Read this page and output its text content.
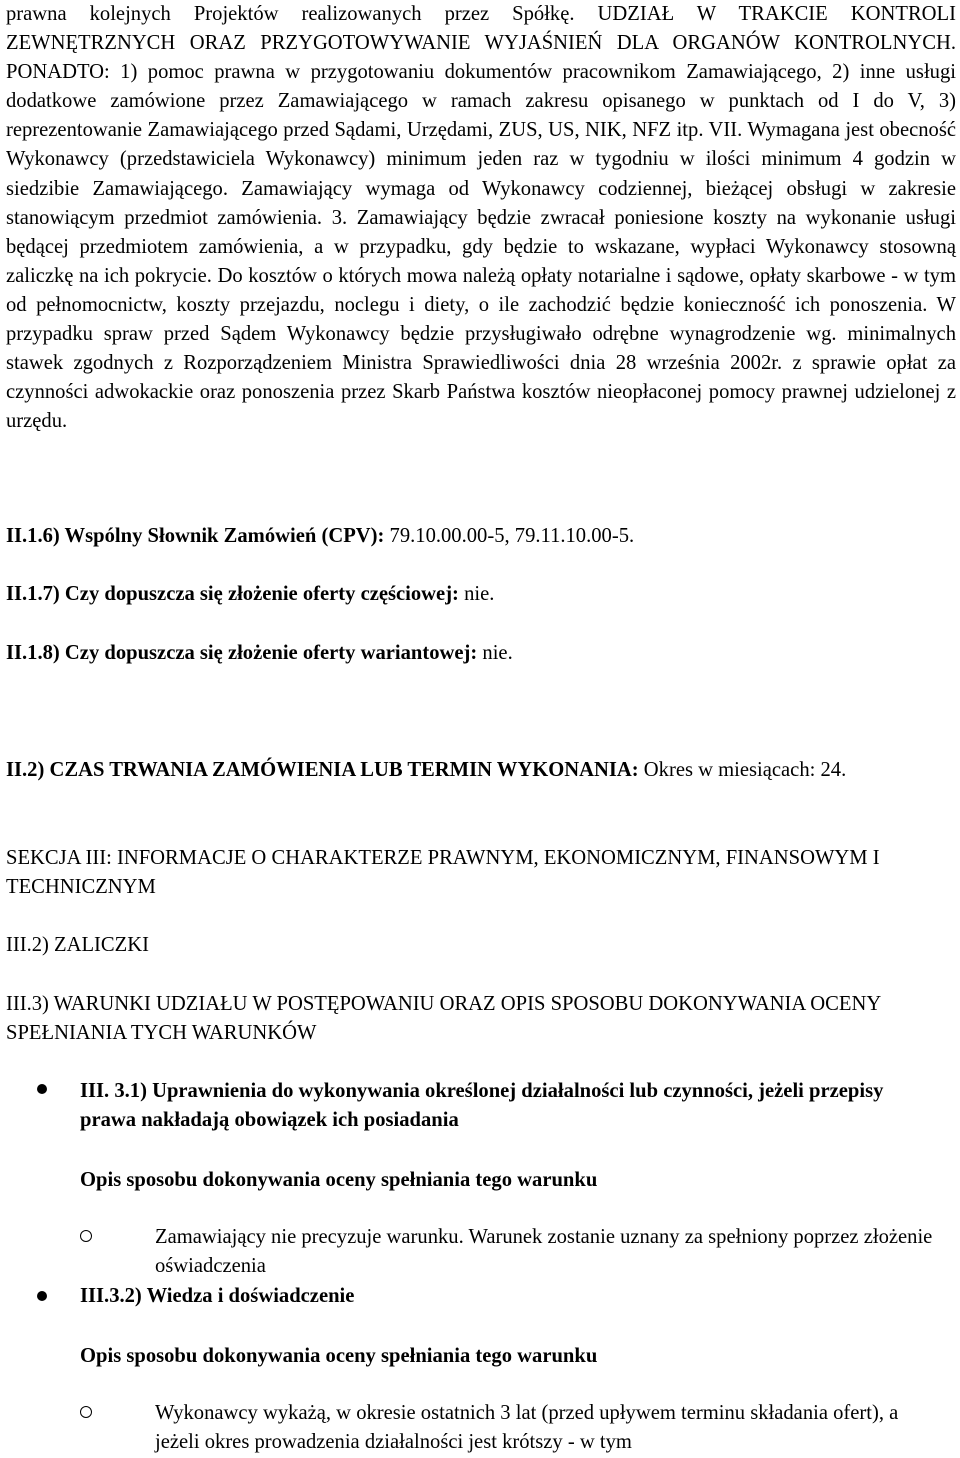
prawna kolejnych Projektów realizowanych przez Spółkę. UDZIAŁ W TRAKCIE KONTROLI ZEWNĘTRZNYCH ORAZ PRZYGOTOWYWANIE WYJAŚNIEŃ DLA ORGANÓW KONTROLNYCH. PONADTO: 1) pomoc prawna w przygotowaniu dokumentów pracownikom Zamawiającego, 2) inne usługi dodatkowe zamówione przez Zamawiającego w ramach zakresu opisanego w punktach od I do V, 3) reprezentowanie Zamawiającego przed Sądami, Urzędami, ZUS, US, NIK, NFZ itp. VII. Wymagana jest obecność Wykonawcy (przedstawiciela Wykonawcy) minimum jeden raz w tygodniu w ilości minimum 4 godzin w siedzibie Zamawiającego. Zamawiający wymaga od Wykonawcy codziennej, bieżącej obsługi w zakresie stanowiącym przedmiot zamówienia. 3. Zamawiający będzie zwracał poniesione koszty na wykonanie usługi będącej przedmiotem zamówienia, a w przypadku, gdy będzie to wskazane, wypłaci Wykonawcy stosowną zaliczkę na ich pokrycie. Do kosztów o których mowa należą opłaty notarialne i sądowe, opłaty skarbowe - w tym od pełnomocnictw, koszty przejazdu, noclegu i diety, o ile zachodzić będzie konieczność ich ponoszenia. W przypadku spraw przed Sądem Wykonawcy będzie przysługiwało odrębne wynagrodzenie wg. minimalnych stawek zgodnych z Rozporządzeniem Ministra Sprawiedliwości dnia 28 września 2002r. z sprawie opłat za czynności adwokackie oraz ponoszenia przez Skarb Państwa kosztów nieopłaconej pomocy prawnej udzielonej z urzędu.

II.1.6) Wspólny Słownik Zamówień (CPV): 79.10.00.00-5, 79.11.10.00-5.

II.1.7) Czy dopuszcza się złożenie oferty częściowej: nie.

II.1.8) Czy dopuszcza się złożenie oferty wariantowej: nie.

II.2) CZAS TRWANIA ZAMÓWIENIA LUB TERMIN WYKONANIA: Okres w miesiącach: 24.

SEKCJA III: INFORMACJE O CHARAKTERZE PRAWNYM, EKONOMICZNYM, FINANSOWYM I TECHNICZNYM

III.2) ZALICZKI

III.3) WARUNKI UDZIAŁU W POSTĘPOWANIU ORAZ OPIS SPOSOBU DOKONYWANIA OCENY SPEŁNIANIA TYCH WARUNKÓW

III. 3.1) Uprawnienia do wykonywania określonej działalności lub czynności, jeżeli przepisy prawa nakładają obowiązek ich posiadania

Opis sposobu dokonywania oceny spełniania tego warunku

Zamawiający nie precyzuje warunku. Warunek zostanie uznany za spełniony poprzez złożenie oświadczenia

III.3.2) Wiedza i doświadczenie

Opis sposobu dokonywania oceny spełniania tego warunku

Wykonawcy wykażą, w okresie ostatnich 3 lat (przed upływem terminu składania ofert), a jeżeli okres prowadzenia działalności jest krótszy - w tym
